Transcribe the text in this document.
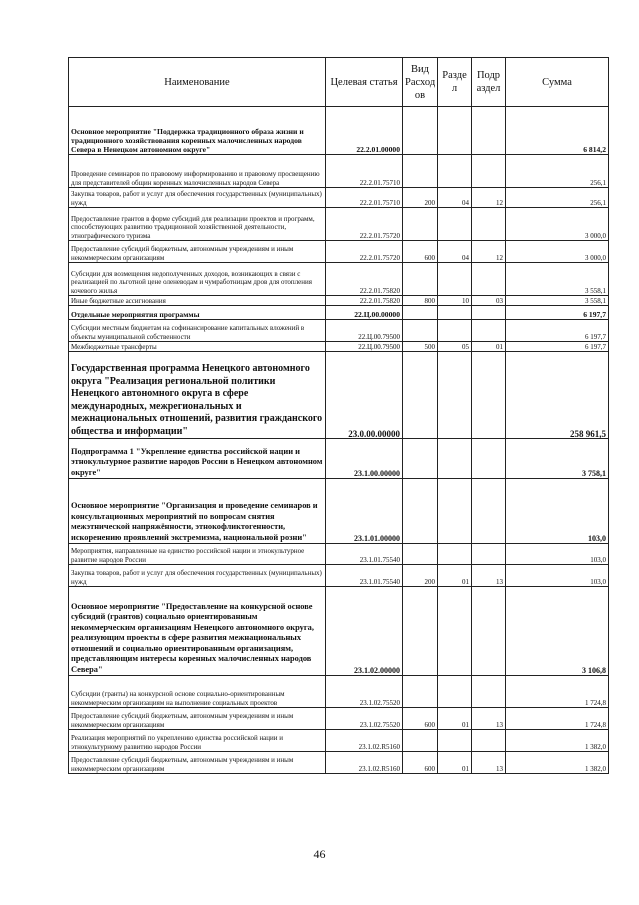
Наименование	Целевая статья	Вид Расход ов	Разде л	Подр аздел	Сумма
Основное мероприятие "Поддержка традиционного образа жизни и традиционного хозяйствования коренных малочисленных народов Севера в Ненецком автономном округе"	22.2.01.00000				6 814,2
Проведение семинаров по правовому информированию и правовому просвещению для представителей общин коренных малочисленных народов Севера	22.2.01.75710				256,1
Закупка товаров, работ и услуг для обеспечения государственных (муниципальных) нужд	22.2.01.75710	200	04	12	256,1
Предоставление грантов в форме субсидий для реализации проектов и программ, способствующих развитию традиционной хозяйственной деятельности, этнографического туризма	22.2.01.75720				3 000,0
Предоставление субсидий бюджетным, автономным учреждениям и иным некоммерческим организациям	22.2.01.75720	600	04	12	3 000,0
Субсидии для возмещения недополученных доходов, возникающих в связи с реализацией по льготной цене оленеводам и чумработницам дров для отопления кочевого жилья	22.2.01.75820				3 558,1
Иные бюджетные ассигнования	22.2.01.75820	800	10	03	3 558,1
Отдельные мероприятия программы	22.Ц.00.00000				6 197,7
Субсидии местным бюджетам на софинансирование капитальных вложений в объекты муниципальной собственности	22.Ц.00.79500				6 197,7
Межбюджетные трансферты	22.Ц.00.79500	500	05	01	6 197,7
Государственная программа Ненецкого автономного округа "Реализация региональной политики Ненецкого автономного округа в сфере международных, межрегиональных и межнациональных отношений, развития гражданского общества и информации"	23.0.00.00000				258 961,5
Подпрограмма 1 "Укрепление единства российской нации и этнокультурное развитие народов России в Ненецком автономном округе"	23.1.00.00000				3 758,1
Основное мероприятие "Организация и проведение семинаров и консультационных мероприятий по вопросам снятия межэтнической напряжённости, этнокофликтогенности, искоренению проявлений экстремизма, национальной розни"	23.1.01.00000				103,0
Мероприятия, направленные на единство российской нации и этнокультурное развитие народов России	23.1.01.75540				103,0
Закупка товаров, работ и услуг для обеспечения государственных (муниципальных) нужд	23.1.01.75540	200	01	13	103,0
Основное мероприятие "Предоставление на конкурсной основе субсидий (грантов) социально ориентированным некоммерческим организациям Ненецкого автономного округа, реализующим проекты в сфере развития межнациональных отношений и социально ориентированным организациям, представляющим интересы коренных малочисленных народов Севера"	23.1.02.00000				3 106,8
Субсидии (гранты) на конкурсной основе социально-ориентированным некоммерческим организациям на выполнение социальных проектов	23.1.02.75520				1 724,8
Предоставление субсидий бюджетным, автономным учреждениям и иным некоммерческим организациям	23.1.02.75520	600	01	13	1 724,8
Реализация мероприятий по укреплению единства российской нации и этнокультурному развитию народов России	23.1.02.R5160				1 382,0
Предоставление субсидий бюджетным, автономным учреждениям и иным некоммерческим организациям	23.1.02.R5160	600	01	13	1 382,0
46
